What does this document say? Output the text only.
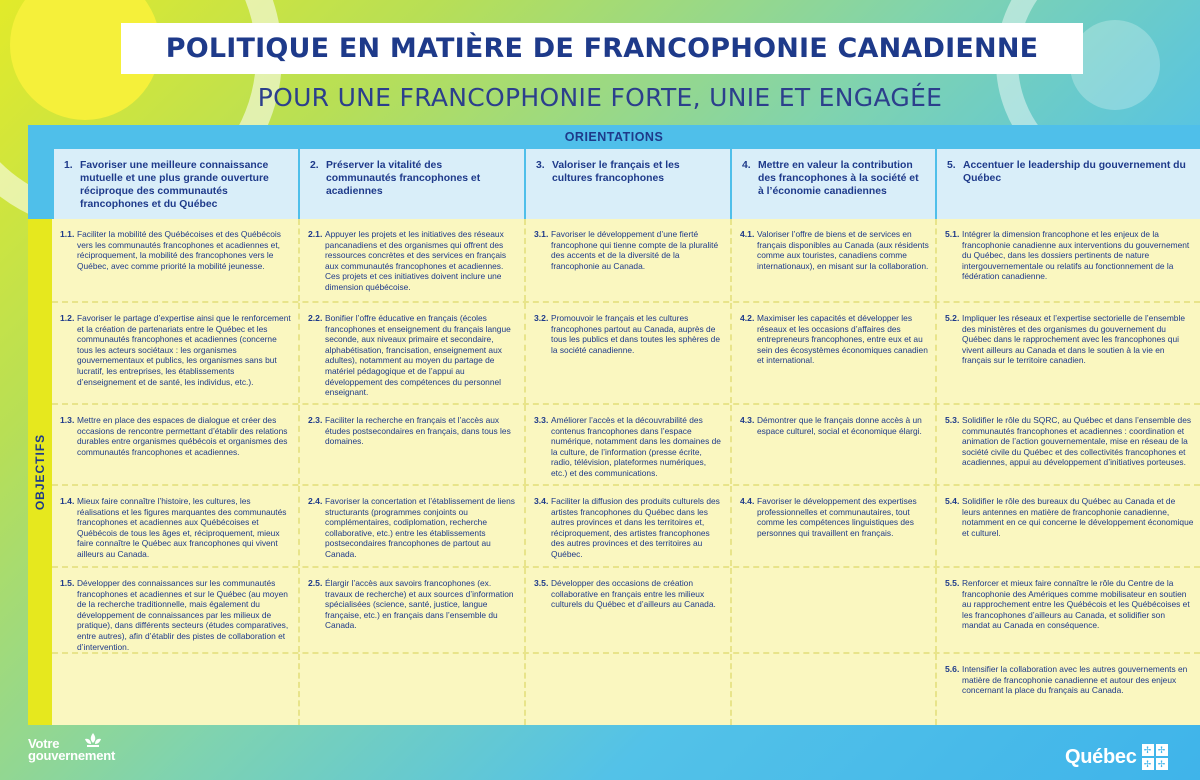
POLITIQUE EN MATIÈRE DE FRANCOPHONIE CANADIENNE
POUR UNE FRANCOPHONIE FORTE, UNIE ET ENGAGÉE
ORIENTATIONS
1. Favoriser une meilleure connaissance mutuelle et une plus grande ouverture réciproque des communautés francophones et du Québec
2. Préserver la vitalité des communautés francophones et acadiennes
3. Valoriser le français et les cultures francophones
4. Mettre en valeur la contribution des francophones à la société et à l’économie canadiennes
5. Accentuer le leadership du gouvernement du Québec
OBJECTIFS
1.1. Faciliter la mobilité des Québécoises et des Québécois vers les communautés francophones et acadiennes et, réciproquement, la mobilité des francophones vers le Québec, avec comme priorité la mobilité jeunesse.
2.1. Appuyer les projets et les initiatives des réseaux pancanadiens et des organismes qui offrent des ressources concrètes et des services en français aux communautés francophones et acadiennes. Ces projets et ces initiatives doivent inclure une dimension québécoise.
3.1. Favoriser le développement d’une fierté francophone qui tienne compte de la pluralité des accents et de la diversité de la francophonie au Canada.
4.1. Valoriser l’offre de biens et de services en français disponibles au Canada (aux résidents comme aux touristes, canadiens comme internationaux), en misant sur la collaboration.
5.1. Intégrer la dimension francophone et les enjeux de la francophonie canadienne aux interventions du gouvernement du Québec, dans les dossiers pertinents de nature intergouvernementale ou relatifs au fonctionnement de la fédération canadienne.
1.2. Favoriser le partage d’expertise ainsi que le renforcement et la création de partenariats entre le Québec et les communautés francophones et acadiennes (concerne tous les acteurs sociétaux : les organismes gouvernementaux et publics, les organismes sans but lucratif, les entreprises, les établissements d’enseignement et de santé, les individus, etc.).
2.2. Bonifier l’offre éducative en français (écoles francophones et enseignement du français langue seconde, aux niveaux primaire et secondaire, alphabétisation, francisation, enseignement aux adultes), notamment au moyen du partage de matériel pédagogique et de l’appui au développement des compétences du personnel enseignant.
3.2. Promouvoir le français et les cultures francophones partout au Canada, auprès de tous les publics et dans toutes les sphères de la société canadienne.
4.2. Maximiser les capacités et développer les réseaux et les occasions d’affaires des entrepreneurs francophones, entre eux et au sein des écosystèmes économiques canadien et international.
5.2. Impliquer les réseaux et l’expertise sectorielle de l’ensemble des ministères et des organismes du gouvernement du Québec dans le rapprochement avec les francophones qui vivent ailleurs au Canada et dans le soutien à la vie en français sur le territoire canadien.
1.3. Mettre en place des espaces de dialogue et créer des occasions de rencontre permettant d’établir des relations durables entre organismes québécois et organismes des communautés francophones et acadiennes.
2.3. Faciliter la recherche en français et l’accès aux études postsecondaires en français, dans tous les domaines.
3.3. Améliorer l’accès et la découvrabilité des contenus francophones dans l’espace numérique, notamment dans les domaines de la culture, de l’information (presse écrite, radio, télévision, plateformes numériques, etc.) et des communications.
4.3. Démontrer que le français donne accès à un espace culturel, social et économique élargi.
5.3. Solidifier le rôle du SQRC, au Québec et dans l’ensemble des communautés francophones et acadiennes : coordination et animation de l’action gouvernementale, mise en réseau de la société civile du Québec et des collectivités francophones et acadiennes, appui au développement d’initiatives porteuses.
1.4. Mieux faire connaître l’histoire, les cultures, les réalisations et les figures marquantes des communautés francophones et acadiennes aux Québécoises et Québécois de tous les âges et, réciproquement, mieux faire connaître le Québec aux francophones qui vivent ailleurs au Canada.
2.4. Favoriser la concertation et l’établissement de liens structurants (programmes conjoints ou complémentaires, codiplomation, recherche collaborative, etc.) entre les établissements postsecondaires francophones de partout au Canada.
3.4. Faciliter la diffusion des produits culturels des artistes francophones du Québec dans les autres provinces et dans les territoires et, réciproquement, des artistes francophones des autres provinces et des territoires au Québec.
4.4. Favoriser le développement des expertises professionnelles et communautaires, tout comme les compétences linguistiques des personnes qui travaillent en français.
5.4. Solidifier le rôle des bureaux du Québec au Canada et de leurs antennes en matière de francophonie canadienne, notamment en ce qui concerne le développement économique et culturel.
1.5. Développer des connaissances sur les communautés francophones et acadiennes et sur le Québec (au moyen de la recherche traditionnelle, mais également du développement de connaissances par les milieux de pratique), dans différents secteurs (études comparatives, entre autres), afin d’établir des pistes de collaboration et d’intervention.
2.5. Élargir l’accès aux savoirs francophones (ex. travaux de recherche) et aux sources d’information spécialisées (science, santé, justice, langue française, etc.) en français dans l’ensemble du Canada.
3.5. Développer des occasions de création collaborative en français entre les milieux culturels du Québec et d’ailleurs au Canada.
5.5. Renforcer et mieux faire connaître le rôle du Centre de la francophonie des Amériques comme mobilisateur en soutien au rapprochement entre les Québécois et les Québécoises et les francophones d’ailleurs au Canada, et solidifier son mandat au Canada en conséquence.
5.6. Intensifier la collaboration avec les autres gouvernements en matière de francophonie canadienne et autour des enjeux concernant la place du français au Canada.
Votre
gouvernement	Québec ✢ ✢
✢ ✢
